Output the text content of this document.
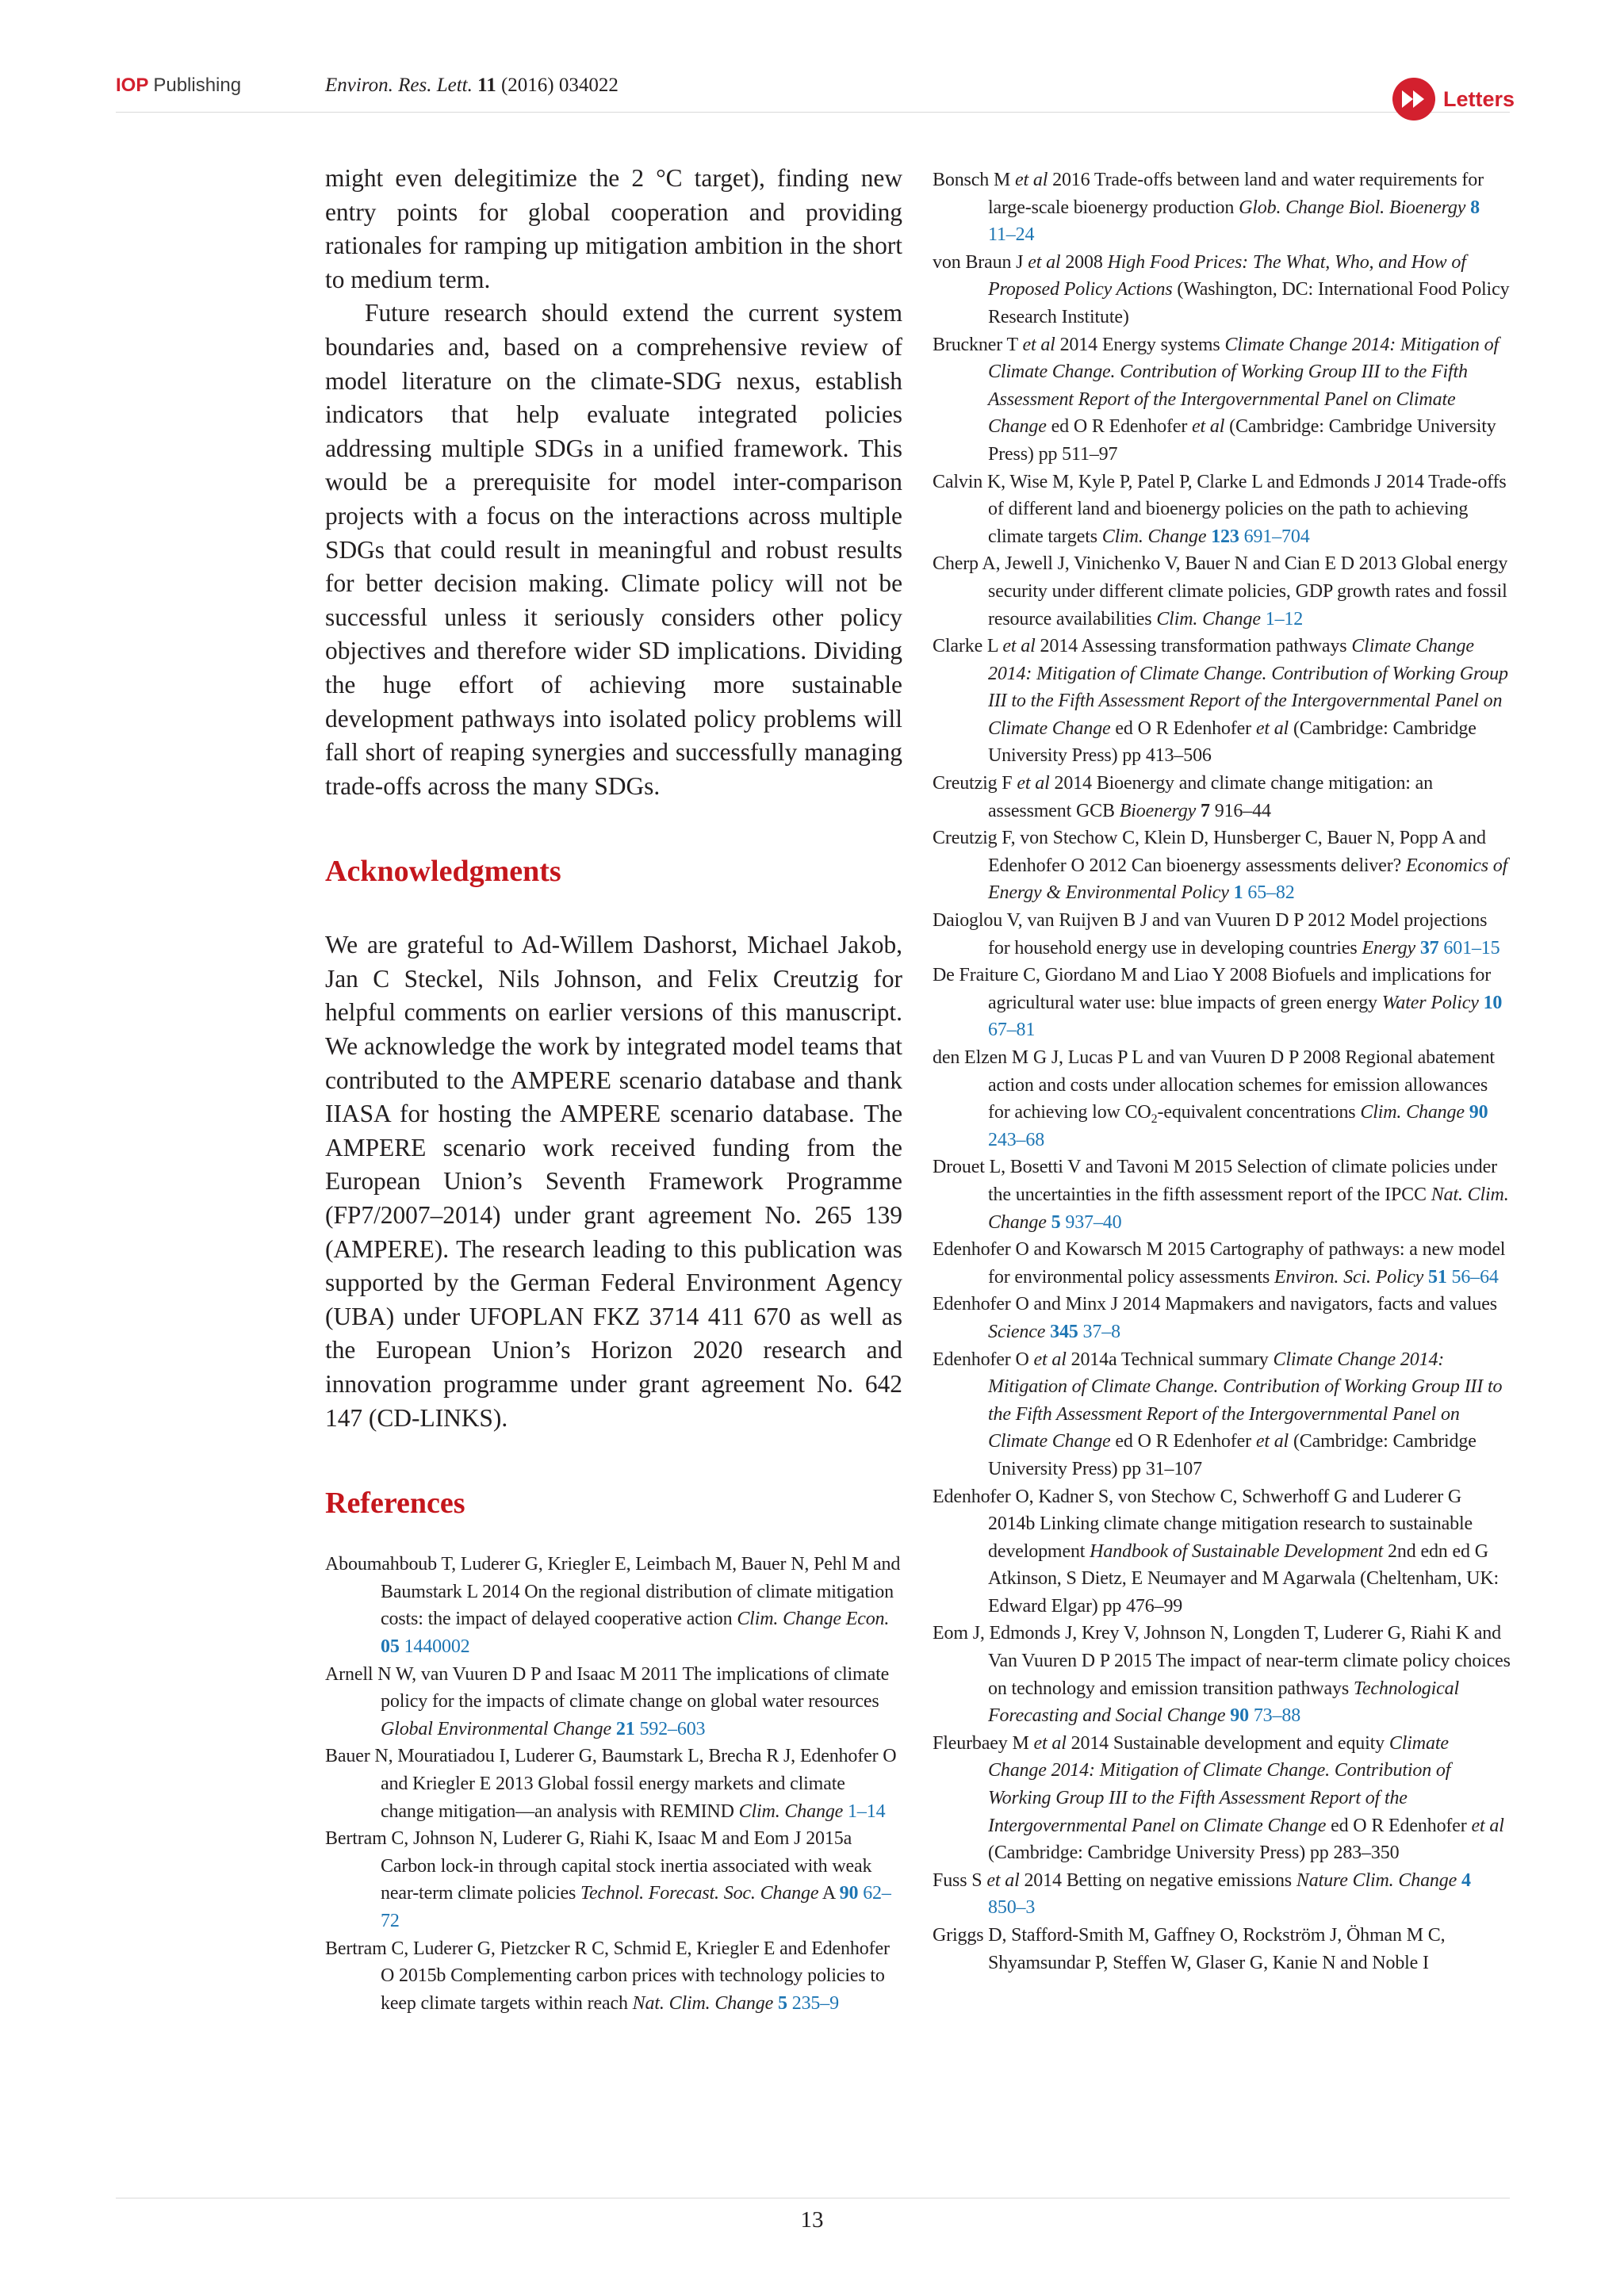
IOP Publishing	Environ. Res. Lett. 11 (2016) 034022
Letters

might even delegitimize the 2 °C target), finding new entry points for global cooperation and providing rationales for ramping up mitigation ambition in the short to medium term.

Future research should extend the current system boundaries and, based on a comprehensive review of model literature on the climate-SDG nexus, establish indicators that help evaluate integrated policies addressing multiple SDGs in a unified framework. This would be a prerequisite for model inter-comparison projects with a focus on the interactions across multiple SDGs that could result in meaningful and robust results for better decision making. Climate policy will not be successful unless it seriously considers other policy objectives and therefore wider SD implications. Dividing the huge effort of achieving more sustainable development pathways into isolated policy problems will fall short of reaping synergies and successfully managing trade-offs across the many SDGs.

Acknowledgments

We are grateful to Ad-Willem Dashorst, Michael Jakob, Jan C Steckel, Nils Johnson, and Felix Creutzig for helpful comments on earlier versions of this manuscript. We acknowledge the work by integrated model teams that contributed to the AMPERE scenario database and thank IIASA for hosting the AMPERE scenario database. The AMPERE scenario work received funding from the European Union’s Seventh Framework Programme (FP7/2007–2014) under grant agreement No. 265 139 (AMPERE). The research leading to this publication was supported by the German Federal Environment Agency (UBA) under UFOPLAN FKZ 3714 411 670 as well as the European Union’s Horizon 2020 research and innovation programme under grant agreement No. 642 147 (CD-LINKS).

References

Aboumahboub T, Luderer G, Kriegler E, Leimbach M, Bauer N, Pehl M and Baumstark L 2014 On the regional distribution of climate mitigation costs: the impact of delayed cooperative action Clim. Change Econ. 05 1440002

Arnell N W, van Vuuren D P and Isaac M 2011 The implications of climate policy for the impacts of climate change on global water resources Global Environmental Change 21 592–603

Bauer N, Mouratiadou I, Luderer G, Baumstark L, Brecha R J, Edenhofer O and Kriegler E 2013 Global fossil energy markets and climate change mitigation—an analysis with REMIND Clim. Change 1–14

Bertram C, Johnson N, Luderer G, Riahi K, Isaac M and Eom J 2015a Carbon lock-in through capital stock inertia associated with weak near-term climate policies Technol. Forecast. Soc. Change A 90 62–72

Bertram C, Luderer G, Pietzcker R C, Schmid E, Kriegler E and Edenhofer O 2015b Complementing carbon prices with technology policies to keep climate targets within reach Nat. Clim. Change 5 235–9

Bonsch M et al 2016 Trade-offs between land and water requirements for large-scale bioenergy production Glob. Change Biol. Bioenergy 8 11–24

von Braun J et al 2008 High Food Prices: The What, Who, and How of Proposed Policy Actions (Washington, DC: International Food Policy Research Institute)

Bruckner T et al 2014 Energy systems Climate Change 2014: Mitigation of Climate Change. Contribution of Working Group III to the Fifth Assessment Report of the Intergovernmental Panel on Climate Change ed O R Edenhofer et al (Cambridge: Cambridge University Press) pp 511–97

Calvin K, Wise M, Kyle P, Patel P, Clarke L and Edmonds J 2014 Trade-offs of different land and bioenergy policies on the path to achieving climate targets Clim. Change 123 691–704

Cherp A, Jewell J, Vinichenko V, Bauer N and Cian E D 2013 Global energy security under different climate policies, GDP growth rates and fossil resource availabilities Clim. Change 1–12

Clarke L et al 2014 Assessing transformation pathways Climate Change 2014: Mitigation of Climate Change. Contribution of Working Group III to the Fifth Assessment Report of the Intergovernmental Panel on Climate Change ed O R Edenhofer et al (Cambridge: Cambridge University Press) pp 413–506

Creutzig F et al 2014 Bioenergy and climate change mitigation: an assessment GCB Bioenergy 7 916–44

Creutzig F, von Stechow C, Klein D, Hunsberger C, Bauer N, Popp A and Edenhofer O 2012 Can bioenergy assessments deliver? Economics of Energy & Environmental Policy 1 65–82

Daioglou V, van Ruijven B J and van Vuuren D P 2012 Model projections for household energy use in developing countries Energy 37 601–15

De Fraiture C, Giordano M and Liao Y 2008 Biofuels and implications for agricultural water use: blue impacts of green energy Water Policy 10 67–81

den Elzen M G J, Lucas P L and van Vuuren D P 2008 Regional abatement action and costs under allocation schemes for emission allowances for achieving low $CO_2$-equivalent concentrations Clim. Change 90 243–68

Drouet L, Bosetti V and Tavoni M 2015 Selection of climate policies under the uncertainties in the fifth assessment report of the IPCC Nat. Clim. Change 5 937–40

Edenhofer O and Kowarsch M 2015 Cartography of pathways: a new model for environmental policy assessments Environ. Sci. Policy 51 56–64

Edenhofer O and Minx J 2014 Mapmakers and navigators, facts and values Science 345 37–8

Edenhofer O et al 2014a Technical summary Climate Change 2014: Mitigation of Climate Change. Contribution of Working Group III to the Fifth Assessment Report of the Intergovernmental Panel on Climate Change ed O R Edenhofer et al (Cambridge: Cambridge University Press) pp 31–107

Edenhofer O, Kadner S, von Stechow C, Schwerhoff G and Luderer G 2014b Linking climate change mitigation research to sustainable development Handbook of Sustainable Development 2nd edn ed G Atkinson, S Dietz, E Neumayer and M Agarwala (Cheltenham, UK: Edward Elgar) pp 476–99

Eom J, Edmonds J, Krey V, Johnson N, Longden T, Luderer G, Riahi K and Van Vuuren D P 2015 The impact of near-term climate policy choices on technology and emission transition pathways Technological Forecasting and Social Change 90 73–88

Fleurbaey M et al 2014 Sustainable development and equity Climate Change 2014: Mitigation of Climate Change. Contribution of Working Group III to the Fifth Assessment Report of the Intergovernmental Panel on Climate Change ed O R Edenhofer et al (Cambridge: Cambridge University Press) pp 283–350

Fuss S et al 2014 Betting on negative emissions Nature Clim. Change 4 850–3

Griggs D, Stafford-Smith M, Gaffney O, Rockström J, Öhman M C, Shyamsundar P, Steffen W, Glaser G, Kanie N and Noble I

13
